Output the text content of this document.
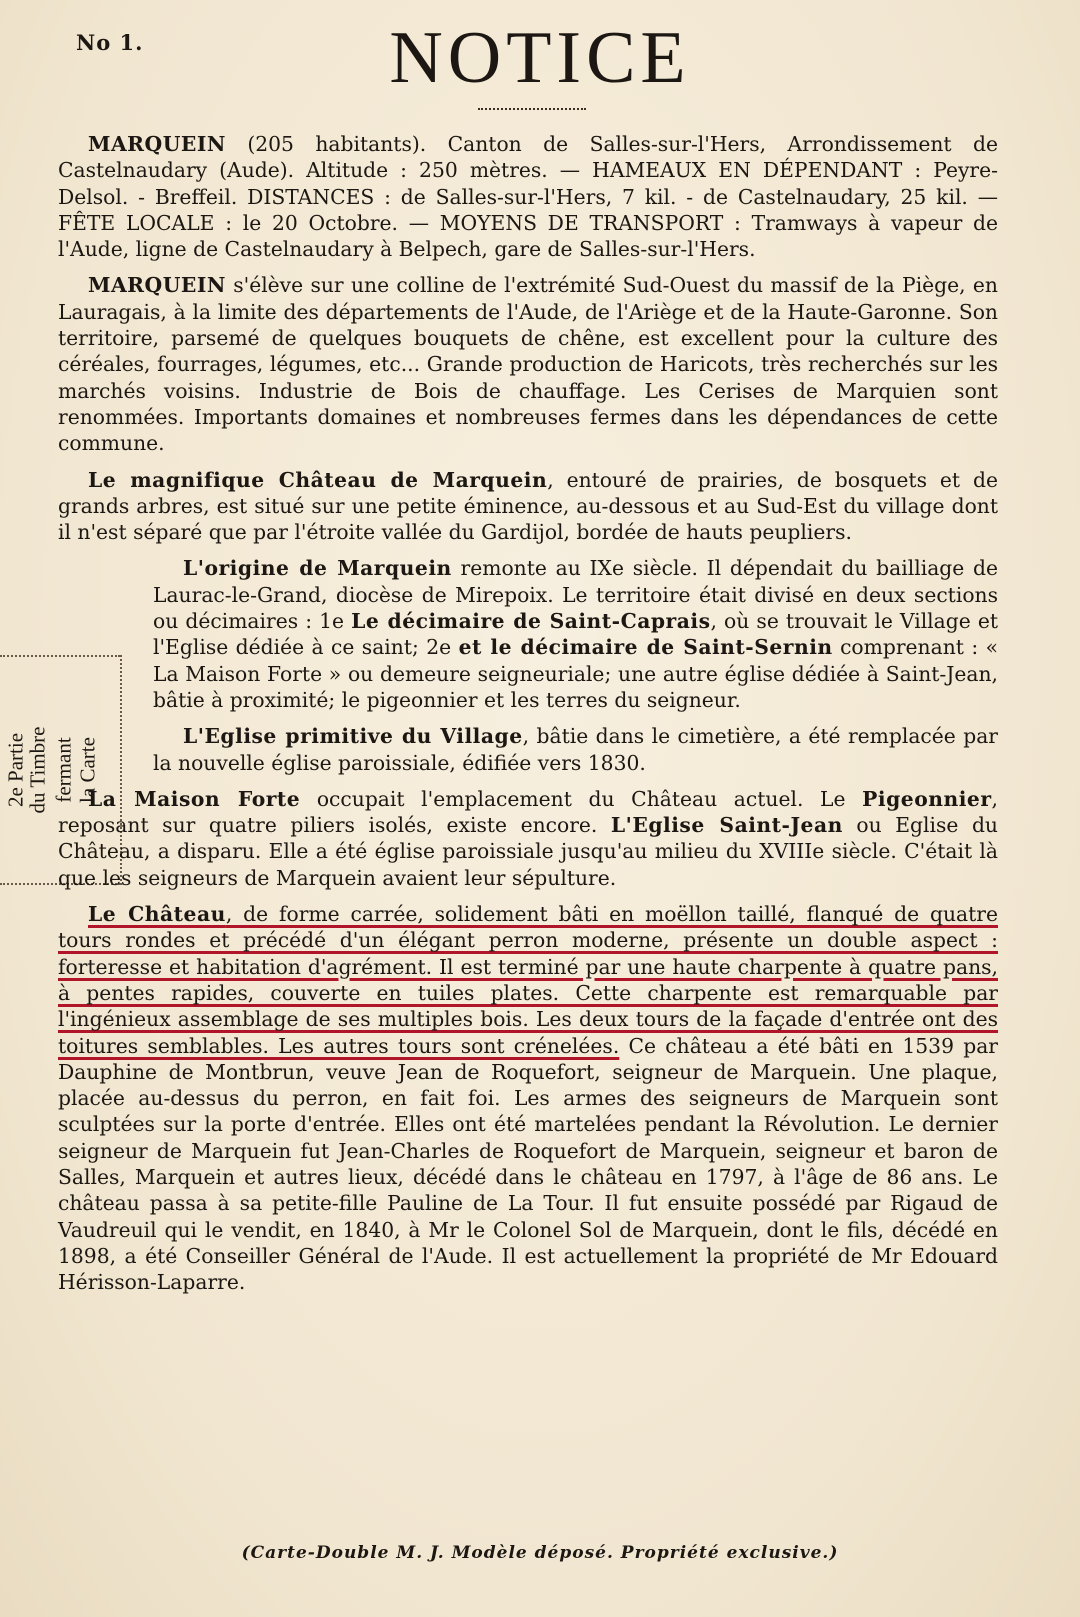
No 1.	NOTICE
2e Partie
du Timbre fermant la Carte

MARQUEIN (205 habitants). Canton de Salles-sur-l'Hers, Arrondissement de Castelnaudary (Aude). Altitude : 250 mètres. — HAMEAUX EN DÉPENDANT : Peyre-Delsol. - Breffeil. DISTANCES : de Salles-sur-l'Hers, 7 kil. - de Castelnaudary, 25 kil. — FÊTE LOCALE : le 20 Octobre. — MOYENS DE TRANSPORT : Tramways à vapeur de l'Aude, ligne de Castelnaudary à Belpech, gare de Salles-sur-l'Hers.

MARQUEIN s'élève sur une colline de l'extrémité Sud-Ouest du massif de la Piège, en Lauragais, à la limite des départements de l'Aude, de l'Ariège et de la Haute-Garonne. Son territoire, parsemé de quelques bouquets de chêne, est excellent pour la culture des céréales, fourrages, légumes, etc... Grande production de Haricots, très recherchés sur les marchés voisins. Industrie de Bois de chauffage. Les Cerises de Marquien sont renommées. Importants domaines et nombreuses fermes dans les dépendances de cette commune.

Le magnifique Château de Marquein, entouré de prairies, de bosquets et de grands arbres, est situé sur une petite éminence, au-dessous et au Sud-Est du village dont il n'est séparé que par l'étroite vallée du Gardijol, bordée de hauts peupliers.

L'origine de Marquein remonte au IXe siècle. Il dépendait du bailliage de Laurac-le-Grand, diocèse de Mirepoix. Le territoire était divisé en deux sections ou décimaires : 1e Le décimaire de Saint-Caprais, où se trouvait le Village et l'Eglise dédiée à ce saint; 2e et le décimaire de Saint-Sernin comprenant : « La Maison Forte » ou demeure seigneuriale; une autre église dédiée à Saint-Jean, bâtie à proximité; le pigeonnier et les terres du seigneur.

L'Eglise primitive du Village, bâtie dans le cimetière, a été remplacée par la nouvelle église paroissiale, édifiée vers 1830.

La Maison Forte occupait l'emplacement du Château actuel. Le Pigeonnier, reposant sur quatre piliers isolés, existe encore. L'Eglise Saint-Jean ou Eglise du Château, a disparu. Elle a été église paroissiale jusqu'au milieu du XVIIIe siècle. C'était là que les seigneurs de Marquein avaient leur sépulture.

Le Château, de forme carrée, solidement bâti en moëllon taillé, flanqué de quatre tours rondes et précédé d'un élégant perron moderne, présente un double aspect : forteresse et habitation d'agrément. Il est terminé par une haute charpente à quatre pans, à pentes rapides, couverte en tuiles plates. Cette charpente est remarquable par l'ingénieux assemblage de ses multiples bois. Les deux tours de la façade d'entrée ont des toitures semblables. Les autres tours sont crénelées. Ce château a été bâti en 1539 par Dauphine de Montbrun, veuve Jean de Roquefort, seigneur de Marquein. Une plaque, placée au-dessus du perron, en fait foi. Les armes des seigneurs de Marquein sont sculptées sur la porte d'entrée. Elles ont été martelées pendant la Révolution. Le dernier seigneur de Marquein fut Jean-Charles de Roquefort de Marquein, seigneur et baron de Salles, Marquein et autres lieux, décédé dans le château en 1797, à l'âge de 86 ans. Le château passa à sa petite-fille Pauline de La Tour. Il fut ensuite possédé par Rigaud de Vaudreuil qui le vendit, en 1840, à Mr le Colonel Sol de Marquein, dont le fils, décédé en 1898, a été Conseiller Général de l'Aude. Il est actuellement la propriété de Mr Edouard Hérisson-Laparre.

(Carte-Double M. J. Modèle déposé. Propriété exclusive.)
